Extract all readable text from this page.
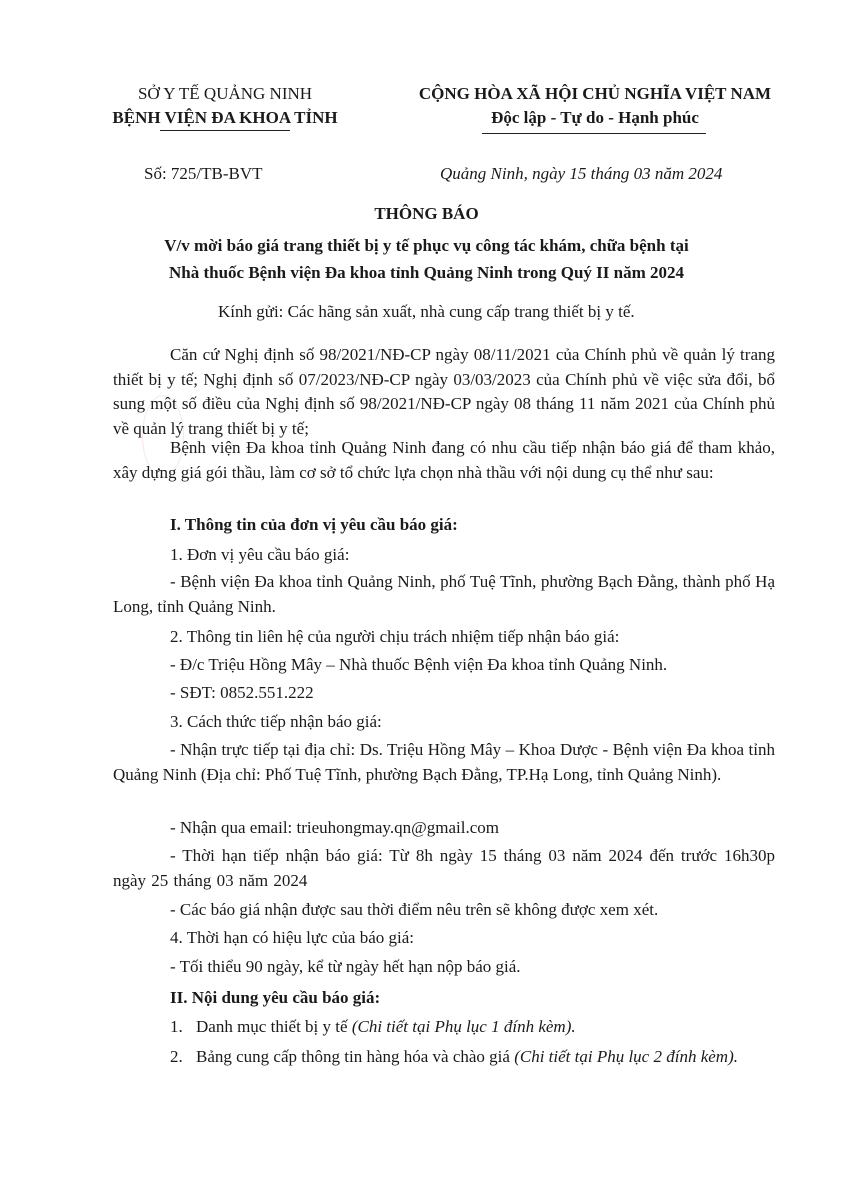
SỞ Y TẾ QUẢNG NINH
BỆNH VIỆN ĐA KHOA TỈNH
CỘNG HÒA XÃ HỘI CHỦ NGHĨA VIỆT NAM
Độc lập - Tự do - Hạnh phúc
Số: 725/TB-BVT	Quảng Ninh, ngày 15 tháng 03 năm 2024
THÔNG BÁO
V/v mời báo giá trang thiết bị y tế phục vụ công tác khám, chữa bệnh tại
Nhà thuốc Bệnh viện Đa khoa tỉnh Quảng Ninh trong Quý II năm 2024
Kính gửi: Các hãng sản xuất, nhà cung cấp trang thiết bị y tế.
Căn cứ Nghị định số 98/2021/NĐ-CP ngày 08/11/2021 của Chính phủ về quản lý trang thiết bị y tế; Nghị định số 07/2023/NĐ-CP ngày 03/03/2023 của Chính phủ về việc sửa đổi, bổ sung một số điều của Nghị định số 98/2021/NĐ-CP ngày 08 tháng 11 năm 2021 của Chính phủ về quản lý trang thiết bị y tế;
Bệnh viện Đa khoa tỉnh Quảng Ninh đang có nhu cầu tiếp nhận báo giá để tham khảo, xây dựng giá gói thầu, làm cơ sở tổ chức lựa chọn nhà thầu với nội dung cụ thể như sau:
I. Thông tin của đơn vị yêu cầu báo giá:
1. Đơn vị yêu cầu báo giá:
- Bệnh viện Đa khoa tỉnh Quảng Ninh, phố Tuệ Tĩnh, phường Bạch Đằng, thành phố Hạ Long, tỉnh Quảng Ninh.
2. Thông tin liên hệ của người chịu trách nhiệm tiếp nhận báo giá:
- Đ/c Triệu Hồng Mây – Nhà thuốc Bệnh viện Đa khoa tỉnh Quảng Ninh.
- SĐT: 0852.551.222
3. Cách thức tiếp nhận báo giá:
- Nhận trực tiếp tại địa chỉ: Ds. Triệu Hồng Mây – Khoa Dược - Bệnh viện Đa khoa tỉnh Quảng Ninh (Địa chỉ: Phố Tuệ Tĩnh, phường Bạch Đằng, TP.Hạ Long, tỉnh Quảng Ninh).
- Nhận qua email: trieuhongmay.qn@gmail.com
- Thời hạn tiếp nhận báo giá: Từ 8h ngày 15 tháng 03 năm 2024 đến trước 16h30p ngày 25 tháng 03 năm 2024
- Các báo giá nhận được sau thời điểm nêu trên sẽ không được xem xét.
4. Thời hạn có hiệu lực của báo giá:
- Tối thiểu 90 ngày, kể từ ngày hết hạn nộp báo giá.
II. Nội dung yêu cầu báo giá:
1. Danh mục thiết bị y tế (Chi tiết tại Phụ lục 1 đính kèm).
2. Bảng cung cấp thông tin hàng hóa và chào giá (Chi tiết tại Phụ lục 2 đính kèm).
